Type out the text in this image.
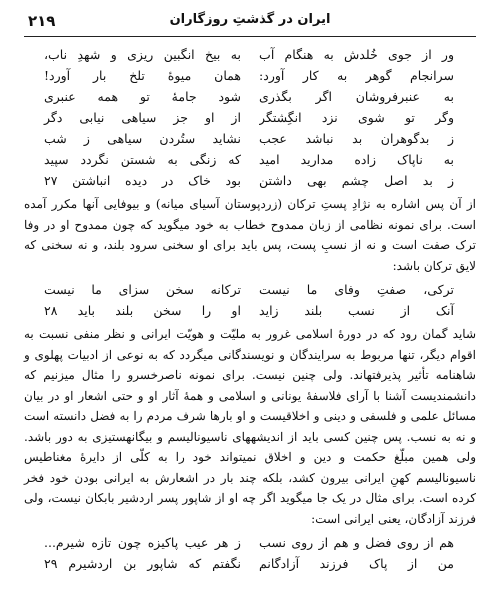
۲۱۹	ایران در گذشتِ روزگاران
ور از جوی خُلدش به هنگام آب
به بیخ انگبین ریزی و شهدِ ناب،
سرانجام گوهر به کار آورد:
همان میوهٔ تلخ بار آورد!
به عنبرفروشان اگر بگذری
شود جامهٔ تو همه عنبری
وگر تو شوی نزد انگِشتگر
از او جز سیاهی نیابی دگر
ز بدگوهران بد نباشد عجب
نشاید ستُردن سیاهی ز شب
به ناپاک زاده مدارید امید
که زنگی به شستن نگردد سپید
ز بد اصل چشم بهی داشتن
بود خاک در دیده انباشتن ۲۷

از آن پس اشاره به نژادِ پستِ ترکان (زردپوستان آسیای میانه) و بیوفایی آنها مکرر آمده است. برای نمونه نظامی از زبان ممدوح خطاب به خود میگوید که چون ممدوح او در وفا ترک صفت است و نه از نسبِ پست، پس باید برای او سخنی سرود بلند، و نه سخنی که لایق ترکان باشد:

ترکی، صفتِ وفای ما نیست
ترکانه سخن سزای ما نیست
آنک از نسب بلند زاید
او را سخن بلند باید ۲۸

شاید گمان رود که در دورهٔ اسلامی غرور به ملیّت و هویّت ایرانی و نظر منفی نسبت به اقوام دیگر، تنها مربوط به سرایندگان و نویسندگانی میگردد که به نوعی از ادبیات پهلوی و شاهنامه تأثیر پذیرفتهاند. ولی چنین نیست. برای نمونه ناصرخسرو را مثال میزنیم که دانشمندیست آشنا با آرای فلاسفهٔ یونانی و اسلامی و همهٔ آثار او و حتی اشعار او در بیان مسائل علمی و فلسفی و دینی و اخلاقیست و او بارها شرف مردم را به فضل دانسته است و نه به نسب. پس چنین کسی باید از اندیشههای ناسیونالیسم و بیگانهستیزی به دور باشد. ولی همین مبلّغ حکمت و دین و اخلاق نمیتواند خود را به کلّی از دایرهٔ مغناطیس ناسیونالیسم کهنِ ایرانی بیرون کشد، بلکه چند بار در اشعارش به ایرانی بودن خود فخر کرده است. برای مثال در یک جا میگوید اگر چه او از شاپور پسر اردشیر بابکان نیست، ولی فرزند آزادگان، یعنی ایرانی است:

هم از روی فضل و هم از روی نسب
ز هر عیب پاکیزه چون تازه شیرم...
من از پاک فرزند آزادگانم
نگفتم که شاپور بن اردشیرم ۲۹
